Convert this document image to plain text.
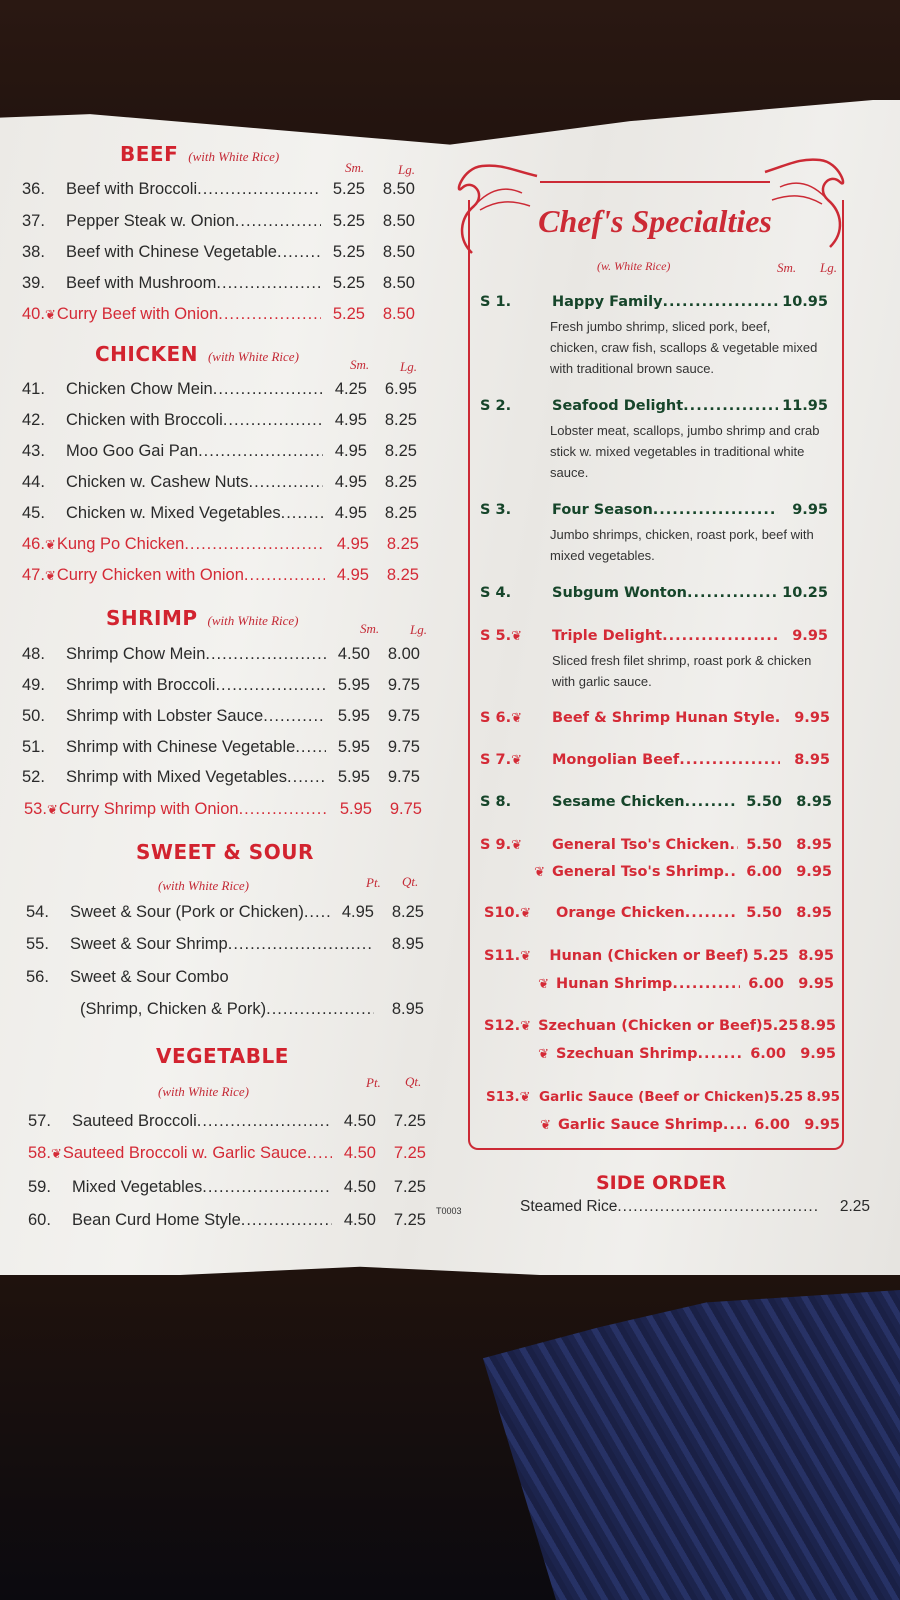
BEEF (with White Rice)
Sm.	Lg.
36.	Beef with Broccoli .....	5.25	8.50
37.	Pepper Steak w. Onion .....	5.25	8.50
38.	Beef with Chinese Vegetable .....	5.25	8.50
39.	Beef with Mushroom .....	5.25	8.50
40. ❦ Curry Beef with Onion .....	5.25	8.50
CHICKEN (with White Rice)
Sm. Lg.
41.	Chicken Chow Mein .....	4.25	6.95
42.	Chicken with Broccoli .....	4.95	8.25
43.	Moo Goo Gai Pan .....	4.95	8.25
44.	Chicken w. Cashew Nuts .....	4.95	8.25
45.	Chicken w. Mixed Vegetables .....	4.95	8.25
46. ❦ Kung Po Chicken .....	4.95	8.25
47. ❦ Curry Chicken with Onion .....	4.95	8.25
SHRIMP (with White Rice)
Sm. Lg.
48.	Shrimp Chow Mein .....	4.50	8.00
49.	Shrimp with Broccoli .....	5.95	9.75
50.	Shrimp with Lobster Sauce .....	5.95	9.75
51.	Shrimp with Chinese Vegetable .....	5.95	9.75
52.	Shrimp with Mixed Vegetables .....	5.95	9.75
53. ❦ Curry Shrimp with Onion .....	5.95	9.75
SWEET & SOUR
(with White Rice)	Pt. Qt.
54.	Sweet & Sour (Pork or Chicken) .....	4.95	8.25
55.	Sweet & Sour Shrimp .....	8.95
56.	Sweet & Sour Combo
(Shrimp, Chicken & Pork) .....	8.95
VEGETABLE
(with White Rice)
Pt. Qt.
57.	Sauteed Broccoli .....	4.50	7.25
58. ❦ Sauteed Broccoli w. Garlic Sauce .....	4.50	7.25
59.	Mixed Vegetables .....	4.50	7.25
60.	Bean Curd Home Style .....	4.50	7.25 T0003
Chef's Specialties
(w. White Rice)	Sm. Lg.
S 1.	Happy Family .....	10.95
Fresh jumbo shrimp, sliced pork, beef, chicken, craw fish, scallops & vegetable mixed with traditional brown sauce.
S 2.	Seafood Delight .....	11.95
Lobster meat, scallops, jumbo shrimp and crab stick w. mixed vegetables in traditional white sauce.
S 3.	Four Season .....	9.95
Jumbo shrimps, chicken, roast pork, beef with mixed vegetables.
S 4.	Subgum Wonton .....	10.25
S 5.❦	Triple Delight .....	9.95
Sliced fresh filet shrimp, roast pork & chicken with garlic sauce.
S 6.❦	Beef & Shrimp Hunan Style .....	9.95
S 7.❦	Mongolian Beef .....	8.95
S 8.	Sesame Chicken .....	5.50 8.95
S 9.❦	General Tso's Chicken .....	5.50 8.95
❦ General Tso's Shrimp .....	6.00 9.95
S10.❦	Orange Chicken .....	5.50 8.95
S11.❦	Hunan (Chicken or Beef) 5.25 8.95
❦ Hunan Shrimp .....	6.00 9.95
S12.❦ Szechuan (Chicken or Beef) 5.25 8.95
❦ Szechuan Shrimp .....	6.00 9.95
S13.❦ Garlic Sauce (Beef or Chicken) 5.25 8.95
❦ Garlic Sauce Shrimp .....	6.00 9.95
SIDE ORDER
Steamed Rice .....	2.25
